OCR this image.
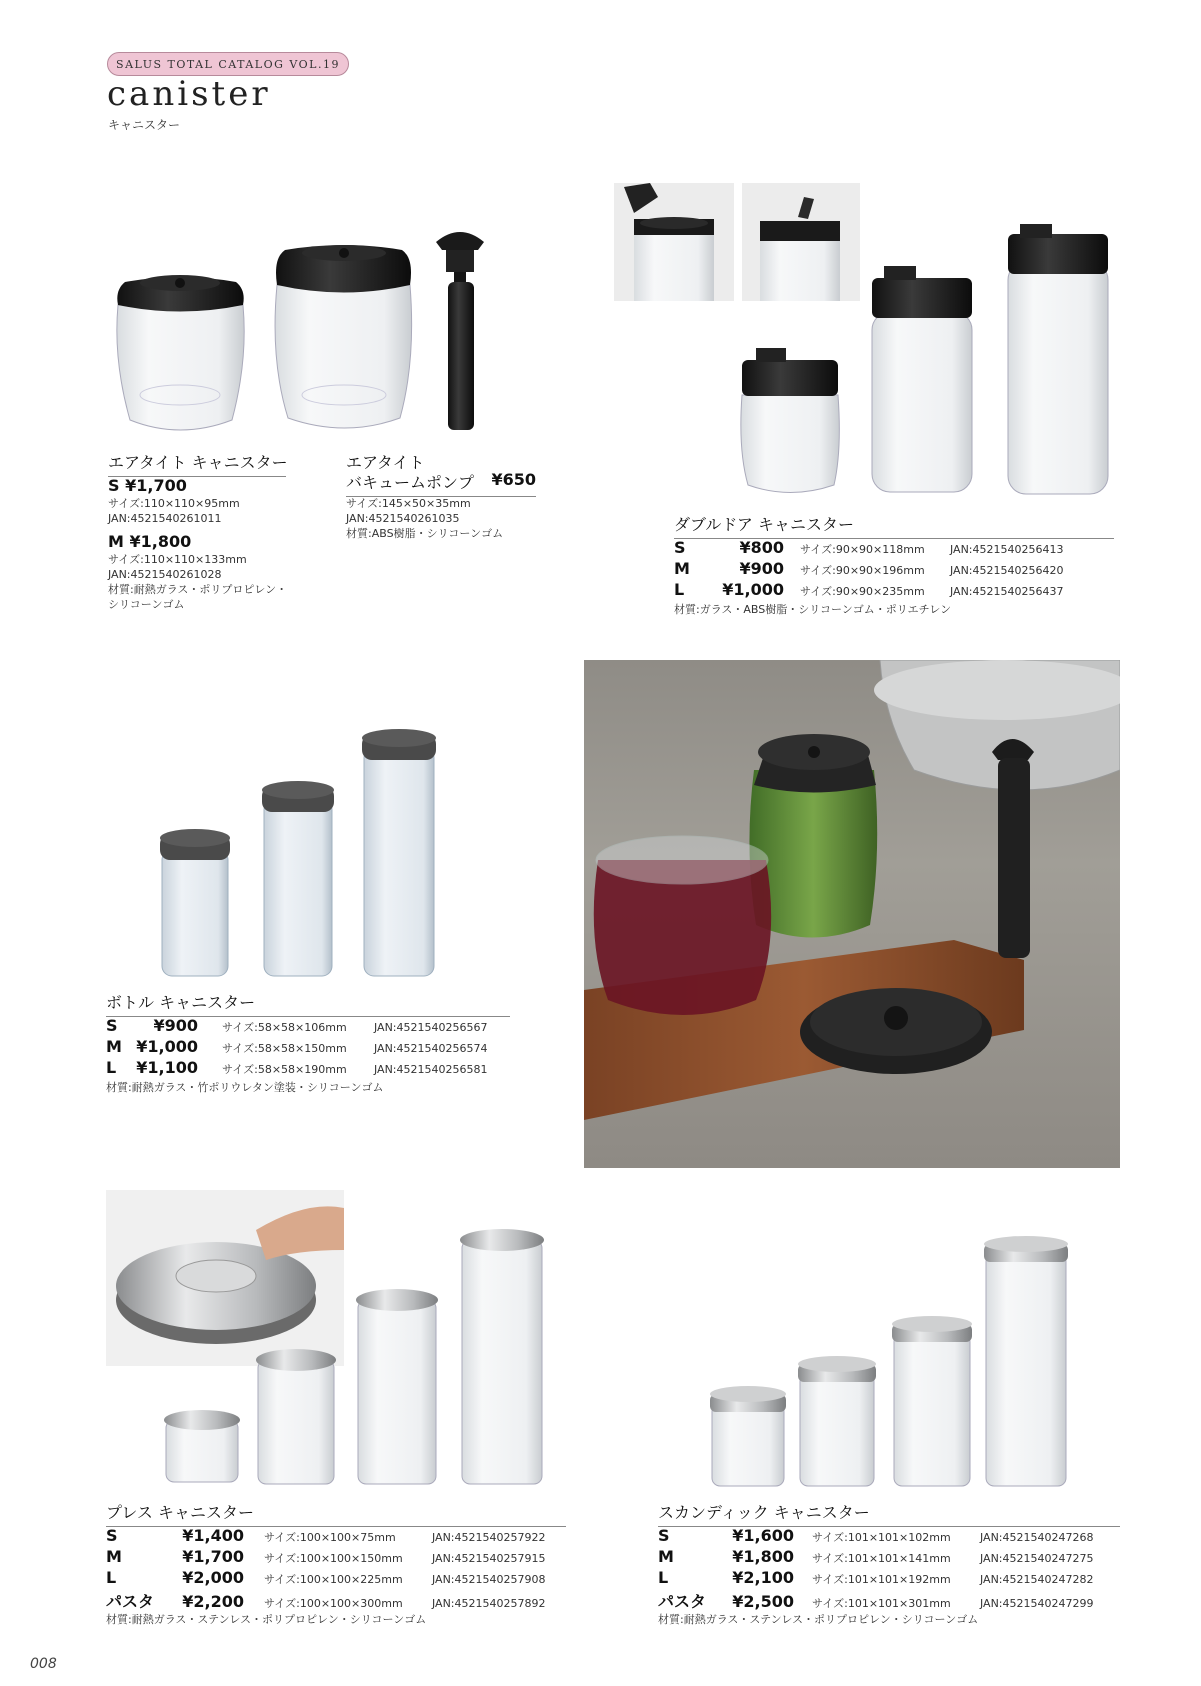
SALUS TOTAL CATALOG VOL.19
canister
キャニスター
エアタイト キャニスター
S ¥1,700
サイズ:110×110×95mm
JAN:4521540261011
M ¥1,800
サイズ:110×110×133mm
JAN:4521540261028
材質:耐熱ガラス・ポリプロピレン・
シリコーンゴム
エアタイト
バキュームポンプ ¥650
サイズ:145×50×35mm
JAN:4521540261035
材質:ABS樹脂・シリコーンゴム	ダブルドア キャニスター
S	¥800 サイズ:90×90×118mm	JAN:4521540256413
M	¥900 サイズ:90×90×196mm	JAN:4521540256420
L	¥1,000 サイズ:90×90×235mm	JAN:4521540256437
材質:ガラス・ABS樹脂・シリコーンゴム・ポリエチレン
ボトル キャニスター
S	¥900 サイズ:58×58×106mm	JAN:4521540256567
M ¥1,000 サイズ:58×58×150mm	JAN:4521540256574
L	¥1,100 サイズ:58×58×190mm	JAN:4521540256581
材質:耐熱ガラス・竹ポリウレタン塗装・シリコーンゴム
プレス キャニスター
S	¥1,400 サイズ:100×100×75mm	JAN:4521540257922
M	¥1,700 サイズ:100×100×150mm	JAN:4521540257915
L	¥2,000 サイズ:100×100×225mm	JAN:4521540257908
パスタ	¥2,200 サイズ:100×100×300mm	JAN:4521540257892
材質:耐熱ガラス・ステンレス・ポリプロピレン・シリコーンゴム
スカンディック キャニスター
S	¥1,600 サイズ:101×101×102mm	JAN:4521540247268
M	¥1,800 サイズ:101×101×141mm	JAN:4521540247275
L	¥2,100 サイズ:101×101×192mm	JAN:4521540247282
パスタ	¥2,500 サイズ:101×101×301mm	JAN:4521540247299
材質:耐熱ガラス・ステンレス・ポリプロピレン・シリコーンゴム
008
